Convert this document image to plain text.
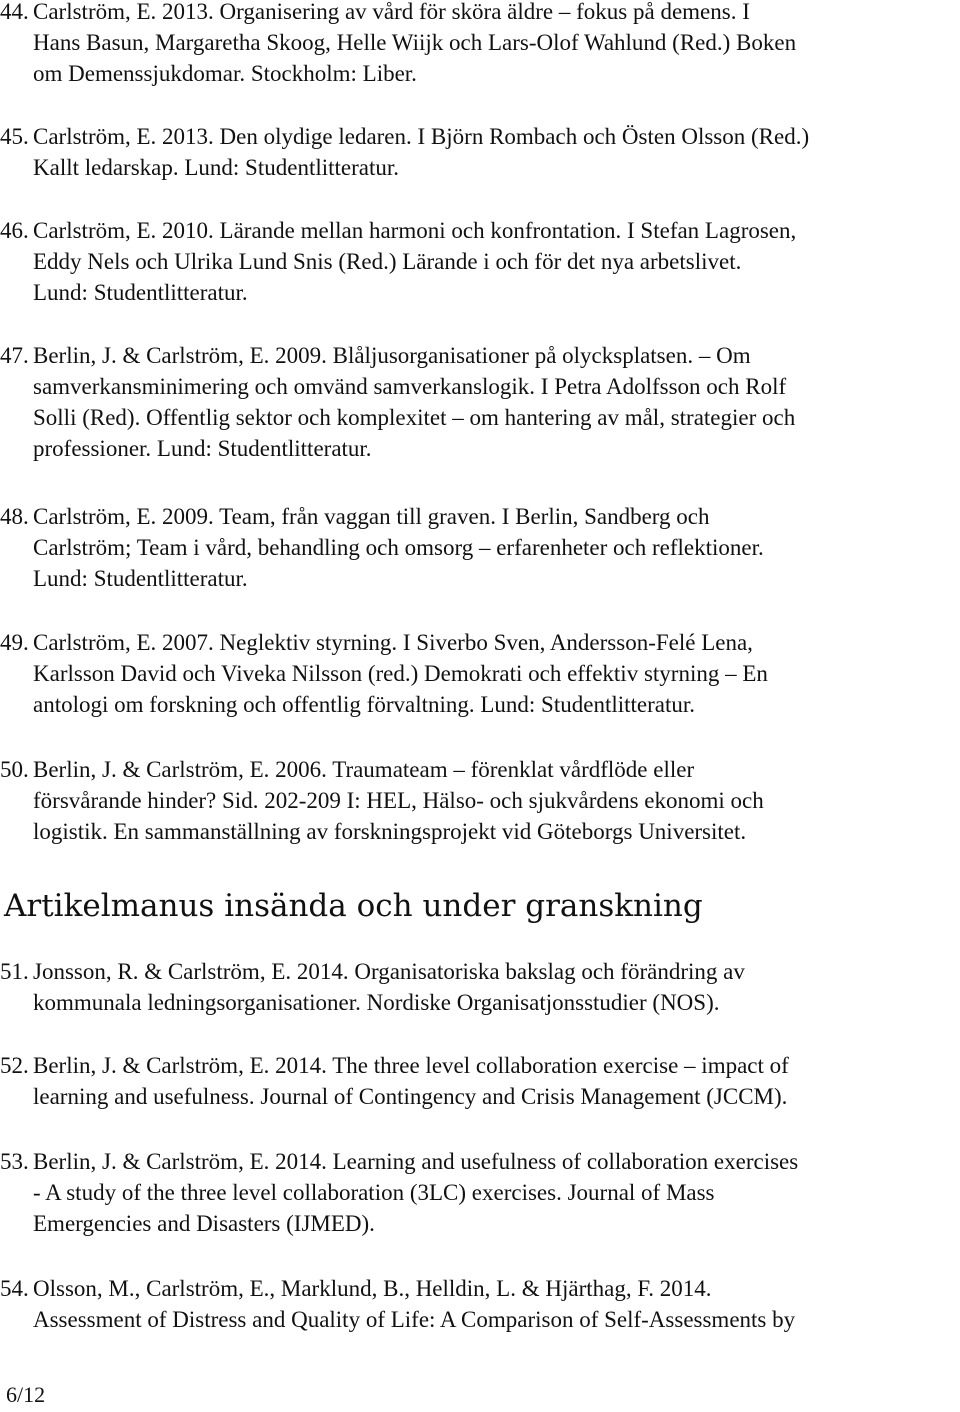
44. Carlström, E. 2013. Organisering av vård för sköra äldre – fokus på demens. I
Hans Basun, Margaretha Skoog, Helle Wiijk och Lars-Olof Wahlund (Red.) Boken
om Demenssjukdomar. Stockholm: Liber.
45. Carlström, E. 2013. Den olydige ledaren. I Björn Rombach och Östen Olsson (Red.)
Kallt ledarskap. Lund: Studentlitteratur.
46. Carlström, E. 2010. Lärande mellan harmoni och konfrontation. I Stefan Lagrosen,
Eddy Nels och Ulrika Lund Snis (Red.) Lärande i och för det nya arbetslivet.
Lund: Studentlitteratur.
47. Berlin, J. & Carlström, E. 2009. Blåljusorganisationer på olycksplatsen. – Om
samverkansminimering och omvänd samverkanslogik. I Petra Adolfsson och Rolf
Solli (Red). Offentlig sektor och komplexitet – om hantering av mål, strategier och
professioner. Lund: Studentlitteratur.
48. Carlström, E. 2009. Team, från vaggan till graven. I Berlin, Sandberg och
Carlström; Team i vård, behandling och omsorg – erfarenheter och reflektioner.
Lund: Studentlitteratur.
49. Carlström, E. 2007. Neglektiv styrning. I Siverbo Sven, Andersson-Felé Lena,
Karlsson David och Viveka Nilsson (red.) Demokrati och effektiv styrning – En
antologi om forskning och offentlig förvaltning. Lund: Studentlitteratur.
50. Berlin, J. & Carlström, E. 2006. Traumateam – förenklat vårdflöde eller
försvårande hinder? Sid. 202-209 I: HEL, Hälso- och sjukvårdens ekonomi och
logistik. En sammanställning av forskningsprojekt vid Göteborgs Universitet.
Artikelmanus insända och under granskning
51. Jonsson, R. & Carlström, E. 2014. Organisatoriska bakslag och förändring av
kommunala ledningsorganisationer. Nordiske Organisatjonsstudier (NOS).
52. Berlin, J. & Carlström, E. 2014. The three level collaboration exercise – impact of
learning and usefulness. Journal of Contingency and Crisis Management (JCCM).
53. Berlin, J. & Carlström, E. 2014. Learning and usefulness of collaboration exercises
- A study of the three level collaboration (3LC) exercises. Journal of Mass
Emergencies and Disasters (IJMED).
54. Olsson, M., Carlström, E., Marklund, B., Helldin, L. & Hjärthag, F. 2014.
Assessment of Distress and Quality of Life: A Comparison of Self-Assessments by
6/12
